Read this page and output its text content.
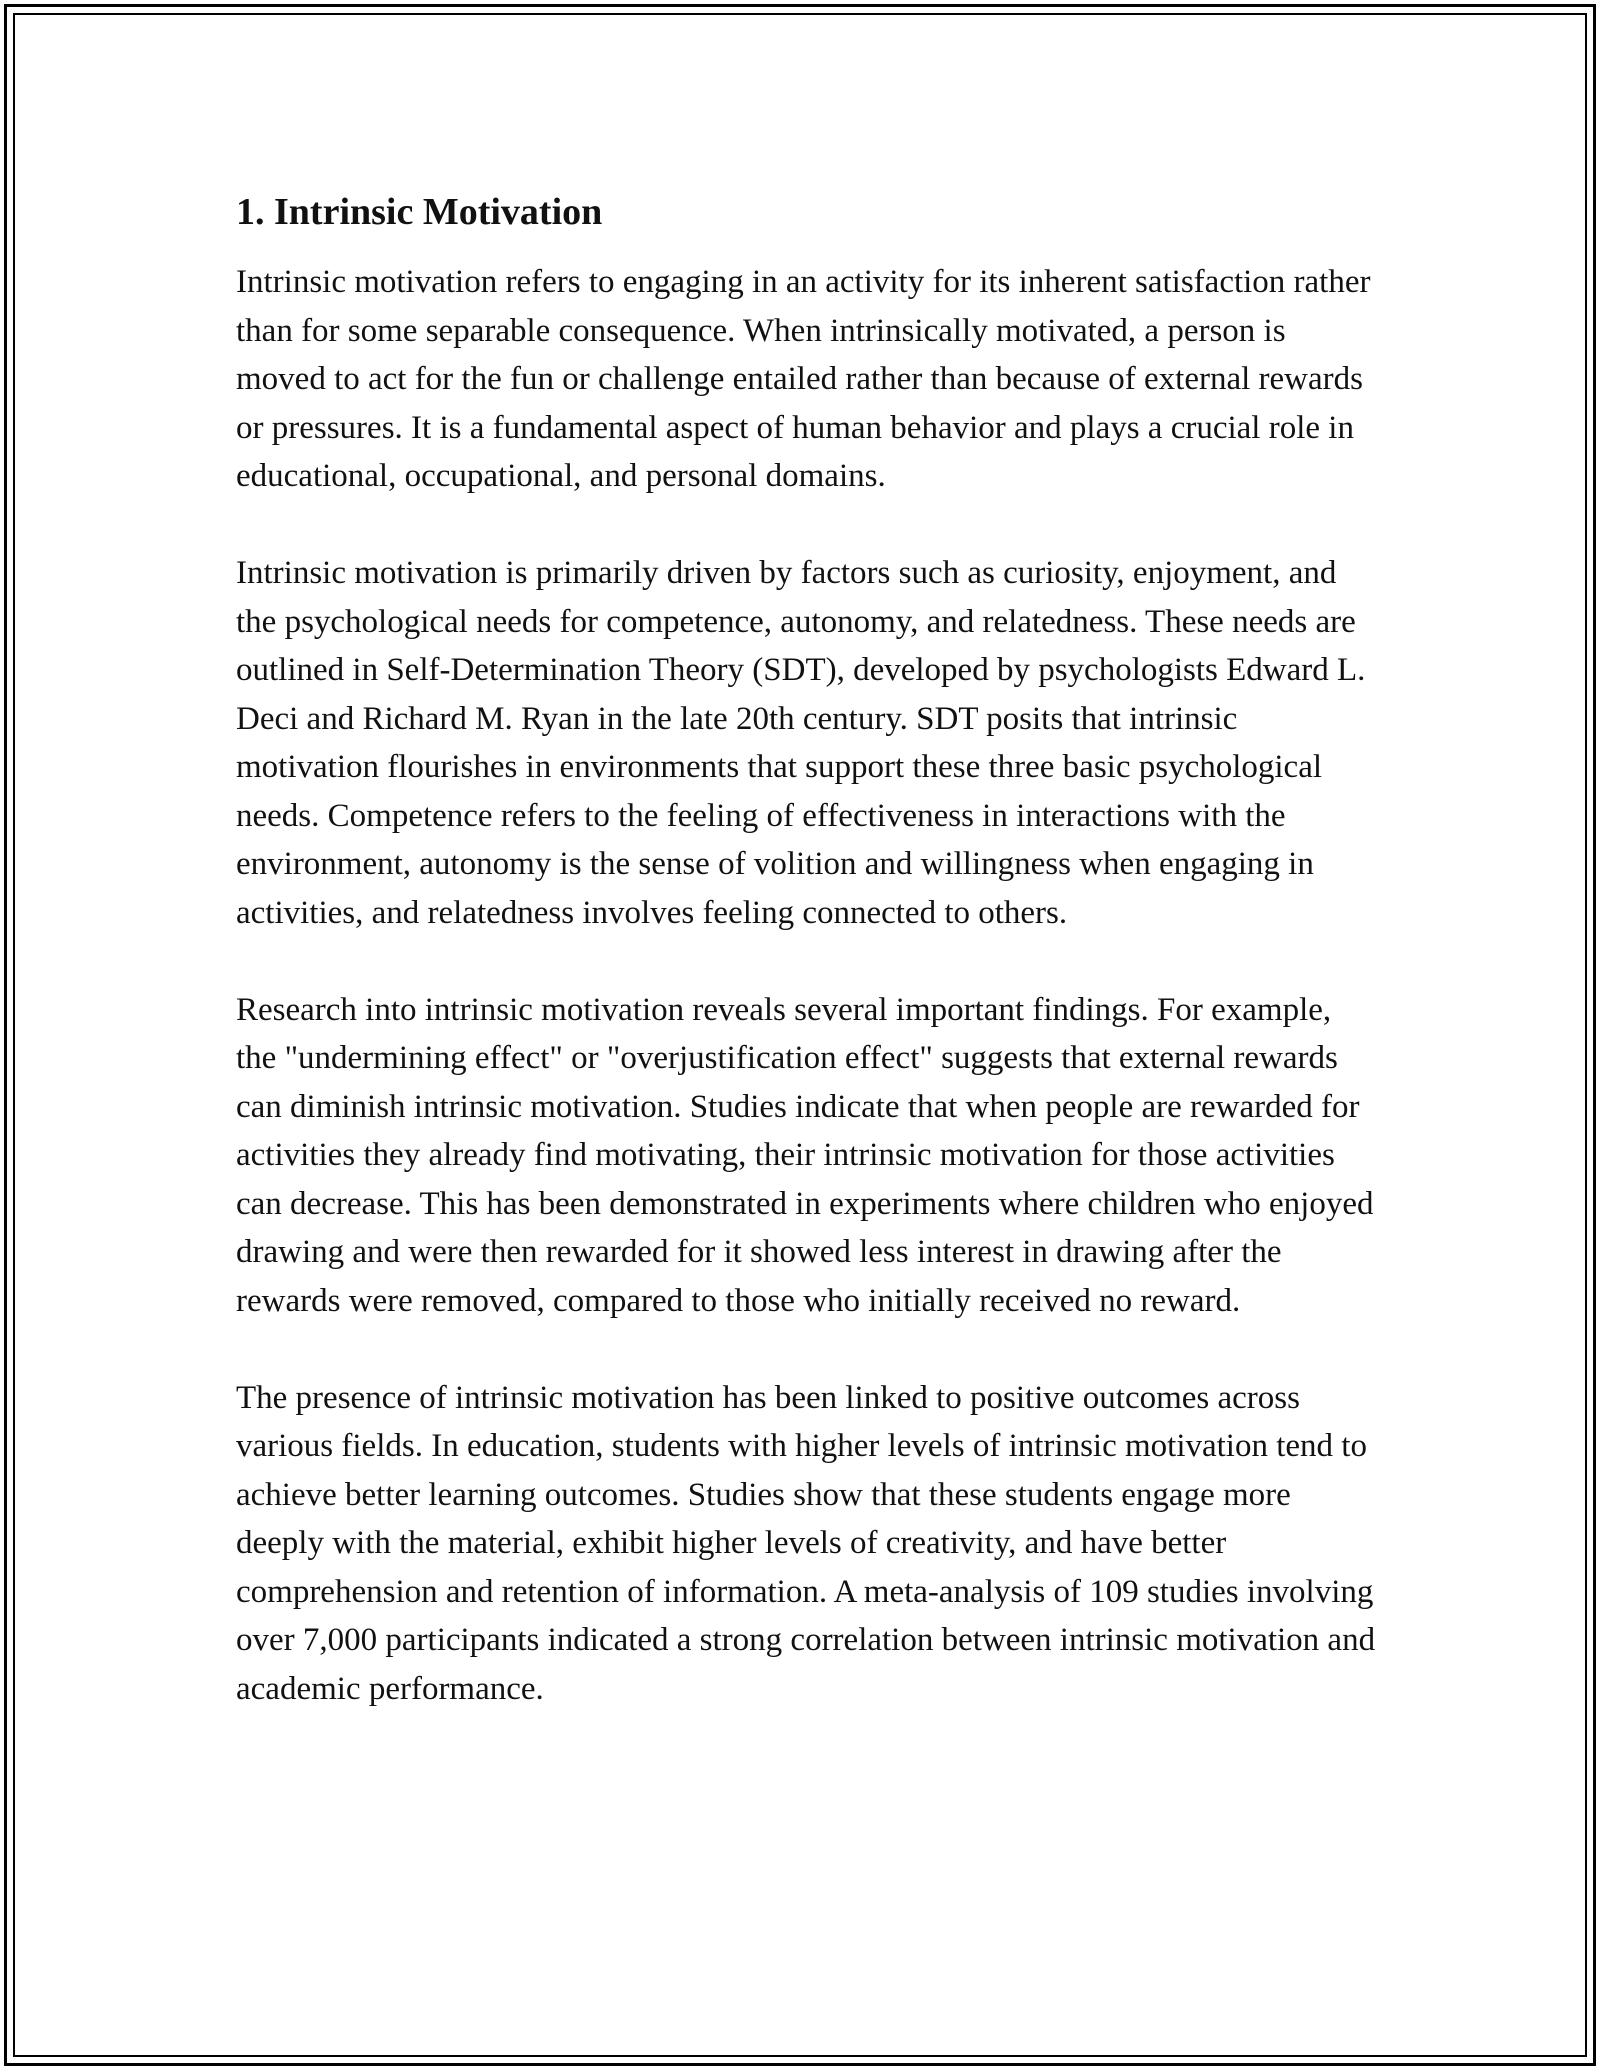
1. Intrinsic Motivation

Intrinsic motivation refers to engaging in an activity for its inherent satisfaction rather than for some separable consequence. When intrinsically motivated, a person is moved to act for the fun or challenge entailed rather than because of external rewards or pressures. It is a fundamental aspect of human behavior and plays a crucial role in educational, occupational, and personal domains.

Intrinsic motivation is primarily driven by factors such as curiosity, enjoyment, and the psychological needs for competence, autonomy, and relatedness. These needs are outlined in Self-Determination Theory (SDT), developed by psychologists Edward L. Deci and Richard M. Ryan in the late 20th century. SDT posits that intrinsic motivation flourishes in environments that support these three basic psychological needs. Competence refers to the feeling of effectiveness in interactions with the environment, autonomy is the sense of volition and willingness when engaging in activities, and relatedness involves feeling connected to others.

Research into intrinsic motivation reveals several important findings. For example, the "undermining effect" or "overjustification effect" suggests that external rewards can diminish intrinsic motivation. Studies indicate that when people are rewarded for activities they already find motivating, their intrinsic motivation for those activities can decrease. This has been demonstrated in experiments where children who enjoyed drawing and were then rewarded for it showed less interest in drawing after the rewards were removed, compared to those who initially received no reward.

The presence of intrinsic motivation has been linked to positive outcomes across various fields. In education, students with higher levels of intrinsic motivation tend to achieve better learning outcomes. Studies show that these students engage more deeply with the material, exhibit higher levels of creativity, and have better comprehension and retention of information. A meta-analysis of 109 studies involving over 7,000 participants indicated a strong correlation between intrinsic motivation and academic performance.
